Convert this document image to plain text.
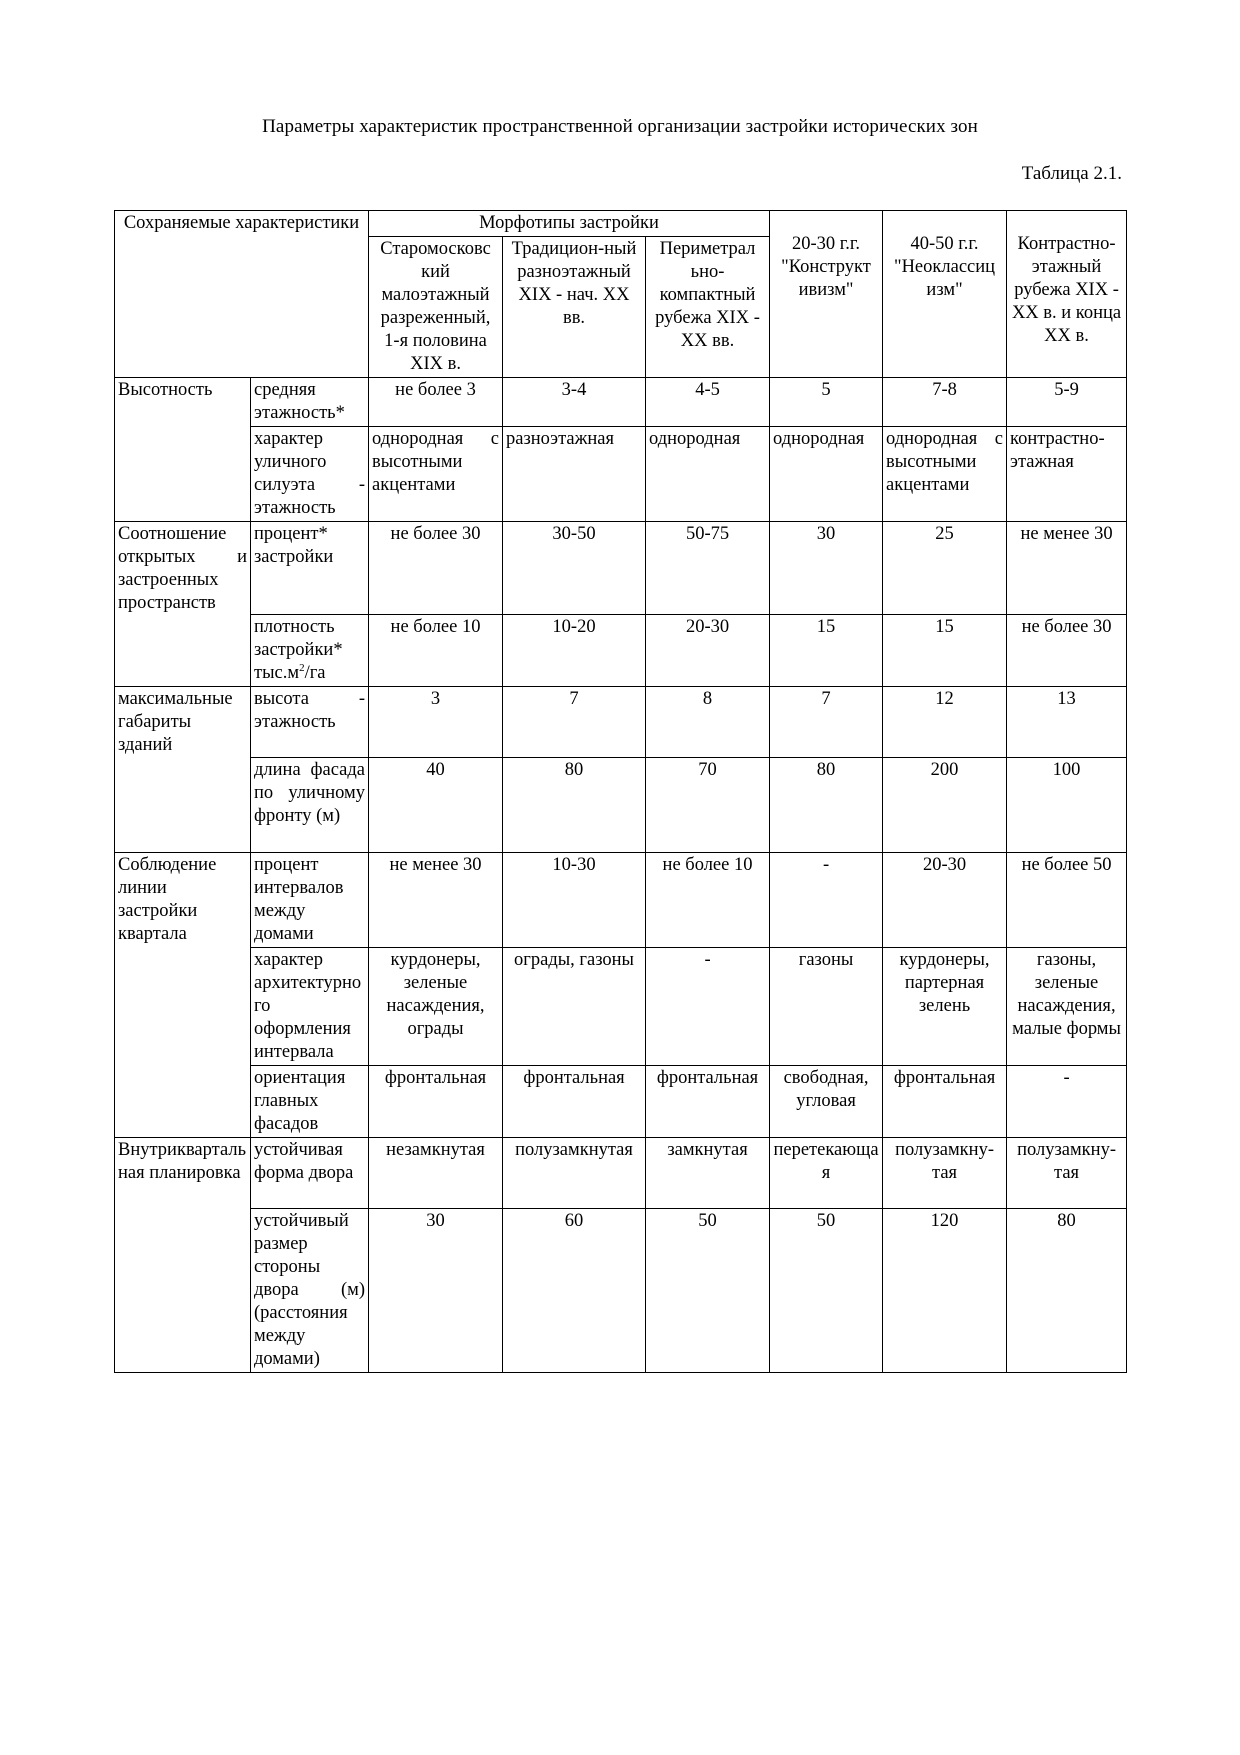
Параметры характеристик пространственной организации застройки исторических зон
Таблица 2.1.
Сохраняемые характеристики		Морфотипы застройки			20-30 г.г. "Конструкт ивизм"	40-50 г.г. "Неоклассиц изм"	Контрастно-этажный рубежа XIX - XX в. и конца XX в.
		Старомосковс кий малоэтажный разреженный, 1-я половина XIX в.	Традицион-ный разноэтажный XIX - нач. XX вв.	Периметрал ьно-компактный рубежа XIX - XX вв.			
Высотность	средняя этажность*	не более 3	3-4	4-5	5	7-8	5-9
	характер уличного силуэта - этажность	однородная с высотными акцентами	разноэтажная	однородная	однородная	однородная с высотными акцентами	контрастно-этажная
Соотношение открытых и застроенных пространств	процент* застройки	не более 30	30-50	50-75	30	25	не менее 30
	плотность застройки* $тыс.м^2/га$	не более 10	10-20	20-30	15	15	не более 30
максимальные габариты зданий	высота - этажность	3	7	8	7	12	13
	длина фасада по уличному фронту (м)	40	80	70	80	200	100
Соблюдение линии застройки квартала	процент интервалов между домами	не менее 30	10-30	не более 10	-	20-30	не более 50
	характер архитектурного оформления интервала	курдонеры, зеленые насаждения, ограды	ограды, газоны	-	газоны	курдонеры, партерная зелень	газоны, зеленые насаждения, малые формы
	ориентация главных фасадов	фронтальная	фронтальная	фронтальная	свободная, угловая	фронтальная	-
Внутриквартальная планировка	устойчивая форма двора	незамкнутая	полузамкнутая	замкнутая	перетекающая	полузамкну-тая	полузамкну-тая
	устойчивый размер стороны двора (м) (расстояния между домами)	30	60	50	50	120	80
